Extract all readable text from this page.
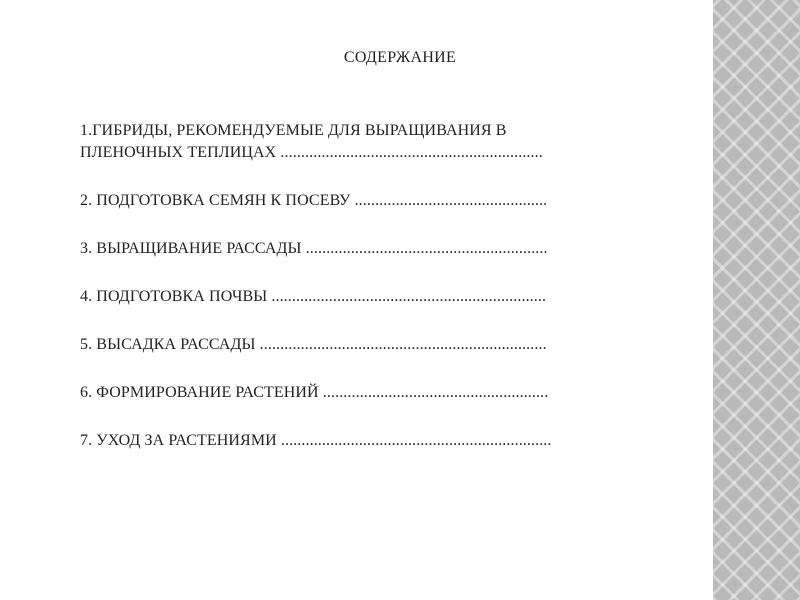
СОДЕРЖАНИЕ
1.ГИБРИДЫ, РЕКОМЕНДУЕМЫЕ ДЛЯ ВЫРАЩИВАНИЯ В
ПЛЕНОЧНЫХ ТЕПЛИЦАХ ................................................................
2. ПОДГОТОВКА СЕМЯН К ПОСЕВУ ...............................................
3. ВЫРАЩИВАНИЕ РАССАДЫ ...........................................................
4. ПОДГОТОВКА ПОЧВЫ ...................................................................
5. ВЫСАДКА РАССАДЫ ......................................................................
6. ФОРМИРОВАНИЕ РАСТЕНИЙ .......................................................
7. УХОД ЗА РАСТЕНИЯМИ ..................................................................
